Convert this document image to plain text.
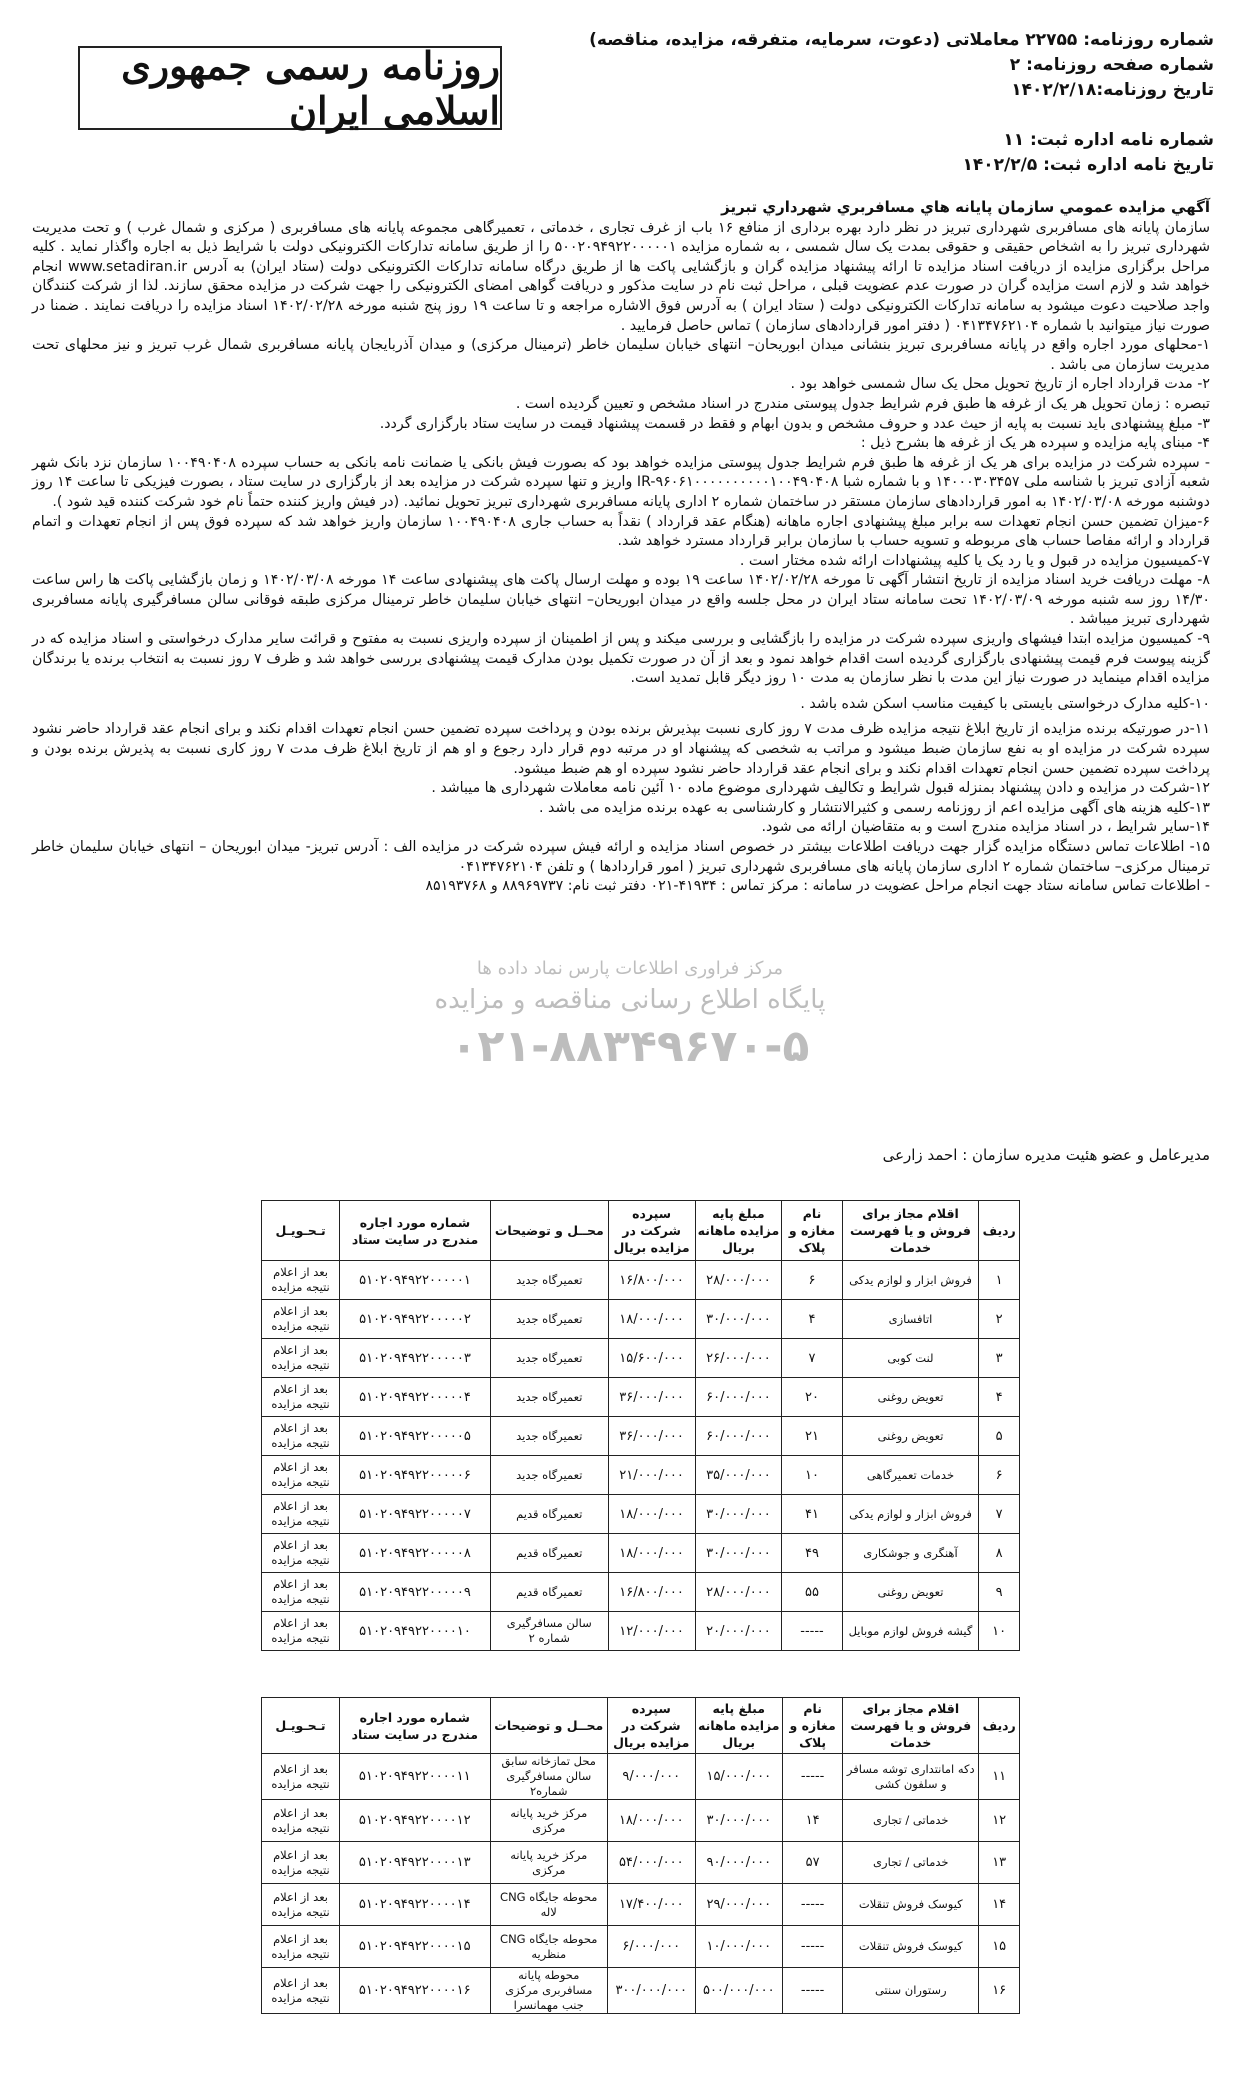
شماره روزنامه: ۲۲۷۵۵ معاملاتی (دعوت، سرمایه، متفرقه، مزایده، مناقصه)
شماره صفحه روزنامه: ۲
تاریخ روزنامه:۱۴۰۲/۲/۱۸
شماره نامه اداره ثبت: ۱۱
تاریخ نامه اداره ثبت: ۱۴۰۲/۲/۵
روزنامه رسمی جمهوری اسلامی ایران
مرکز فراوری اطلاعات پارس نماد داده ها
پایگاه اطلاع رسانی مناقصه و مزایده
۰۲۱-۸۸۳۴۹۶۷۰-۵
آگهي مزايده عمومي سازمان پايانه هاي مسافربري شهرداري تبريز

سازمان پایانه های مسافربری شهرداری تبریز در نظر دارد بهره برداری از منافع ۱۶ باب از غرف تجاری ، خدماتی ، تعمیرگاهی مجموعه پایانه های مسافربری ( مرکزی و شمال غرب ) و تحت مدیریت شهرداری تبریز را به اشخاص حقیقی و حقوقی بمدت یک سال شمسی ، به شماره مزایده ۵۰۰۲۰۹۴۹۲۲۰۰۰۰۰۱ را از طریق سامانه تدارکات الکترونیکی دولت با شرایط ذیل به اجاره واگذار نماید . کلیه مراحل برگزاری مزایده از دریافت اسناد مزایده تا ارائه پیشنهاد مزایده گران و بازگشایی پاکت ها از طریق درگاه سامانه تدارکات الکترونیکی دولت (ستاد ایران) به آدرس www.setadiran.ir انجام خواهد شد و لازم است مزایده گران در صورت عدم عضویت قبلی ، مراحل ثبت نام در سایت مذکور و دریافت گواهی امضای الکترونیکی را جهت شرکت در مزایده محقق سازند. لذا از شرکت کنندگان واجد صلاحیت دعوت میشود به سامانه تدارکات الکترونیکی دولت ( ستاد ایران ) به آدرس فوق الاشاره مراجعه و تا ساعت ۱۹ روز پنج شنبه مورخه ۱۴۰۲/۰۲/۲۸ اسناد مزایده را دریافت نمایند . ضمنا در صورت نیاز میتوانید با شماره ۰۴۱۳۴۷۶۲۱۰۴ ( دفتر امور قراردادهای سازمان ) تماس حاصل فرمایید .

۱-محلهای مورد اجاره واقع در پایانه مسافربری تبریز بنشانی میدان ابوریحان– انتهای خیابان سلیمان خاطر (ترمینال مرکزی) و میدان آذربایجان پایانه مسافربری شمال غرب تبریز و نیز محلهای تحت مدیریت سازمان می باشد .

۲- مدت قرارداد اجاره از تاریخ تحویل محل یک سال شمسی خواهد بود .

تبصره : زمان تحویل هر یک از غرفه ها طبق فرم شرایط جدول پیوستی مندرج در اسناد مشخص و تعیین گردیده است .

۳- مبلغ پیشنهادی باید نسبت به پایه از حیث عدد و حروف مشخص و بدون ابهام و فقط در قسمت پیشنهاد قیمت در سایت ستاد بارگزاری گردد.

۴- مبنای پایه مزایده و سپرده هر یک از غرفه ها بشرح ذیل :

- سپرده شرکت در مزایده برای هر یک از غرفه ها طبق فرم شرایط جدول پیوستی مزایده خواهد بود که بصورت فیش بانکی یا ضمانت نامه بانکی به حساب سپرده ۱۰۰۴۹۰۴۰۸ سازمان نزد بانک شهر شعبه آزادی تبریز با شناسه ملی ۱۴۰۰۰۳۰۳۴۵۷ و با شماره شبا IR-۹۶۰۶۱۰۰۰۰۰۰۰۰۰۰۱۰۰۴۹۰۴۰۸ واریز و تنها سپرده شرکت در مزایده بعد از بارگزاری در سایت ستاد ، بصورت فیزیکی تا ساعت ۱۴ روز دوشنبه مورخه ۱۴۰۲/۰۳/۰۸ به امور قراردادهای سازمان مستقر در ساختمان شماره ۲ اداری پایانه مسافربری شهرداری تبریز تحویل نمائید. (در فیش واریز کننده حتماً نام خود شرکت کننده قید شود ).

۶-میزان تضمین حسن انجام تعهدات سه برابر مبلغ پیشنهادی اجاره ماهانه (هنگام عقد قرارداد ) نقداً به حساب جاری ۱۰۰۴۹۰۴۰۸ سازمان واریز خواهد شد که سپرده فوق پس از انجام تعهدات و اتمام قرارداد و ارائه مفاصا حساب های مربوطه و تسویه حساب با سازمان برابر قرارداد مسترد خواهد شد.

۷-کمیسیون مزایده در قبول و یا رد یک یا کلیه پیشنهادات ارائه شده مختار است .

۸- مهلت دریافت خرید اسناد مزایده از تاریخ انتشار آگهی تا مورخه ۱۴۰۲/۰۲/۲۸ ساعت ۱۹ بوده و مهلت ارسال پاکت های پیشنهادی ساعت ۱۴ مورخه ۱۴۰۲/۰۳/۰۸ و زمان بازگشایی پاکت ها راس ساعت ۱۴/۳۰ روز سه شنبه مورخه ۱۴۰۲/۰۳/۰۹ تحت سامانه ستاد ایران در محل جلسه واقع در میدان ابوریحان– انتهای خیابان سلیمان خاطر ترمینال مرکزی طبقه فوقانی سالن مسافرگیری پایانه مسافربری شهرداری تبریز میباشد .

۹- کمیسیون مزایده ابتدا فیشهای واریزی سپرده شرکت در مزایده را بازگشایی و بررسی میکند و پس از اطمینان از سپرده واریزی نسبت به مفتوح و قرائت سایر مدارک درخواستی و اسناد مزایده که در گزینه پیوست فرم قیمت پیشنهادی بارگزاری گردیده است اقدام خواهد نمود و بعد از آن در صورت تکمیل بودن مدارک قیمت پیشنهادی بررسی خواهد شد و ظرف ۷ روز نسبت به انتخاب برنده یا برندگان مزایده اقدام مینماید در صورت نیاز این مدت با نظر سازمان به مدت ۱۰ روز دیگر قابل تمدید است.

۱۰-کلیه مدارک درخواستی بایستی با کیفیت مناسب اسکن شده باشد .

۱۱-در صورتیکه برنده مزایده از تاریخ ابلاغ نتیجه مزایده ظرف مدت ۷ روز کاری نسبت بپذیرش برنده بودن و پرداخت سپرده تضمین حسن انجام تعهدات اقدام نکند و برای انجام عقد قرارداد حاضر نشود سپرده شرکت در مزایده او به نفع سازمان ضبط میشود و مراتب به شخصی که پیشنهاد او در مرتبه دوم قرار دارد رجوع و او هم از تاریخ ابلاغ ظرف مدت ۷ روز کاری نسبت به پذیرش برنده بودن و پرداخت سپرده تضمین حسن انجام تعهدات اقدام نکند و برای انجام عقد قرارداد حاضر نشود سپرده او هم ضبط میشود.

۱۲-شرکت در مزایده و دادن پیشنهاد بمنزله قبول شرایط و تکالیف شهرداری موضوع ماده ۱۰ آئین نامه معاملات شهرداری ها میباشد .

۱۳-کلیه هزینه های آگهی مزایده اعم از روزنامه رسمی و کثیرالانتشار و کارشناسی به عهده برنده مزایده می باشد .

۱۴-سایر شرایط ، در اسناد مزایده مندرج است و به متقاضیان ارائه می شود.

۱۵- اطلاعات تماس دستگاه مزایده گزار جهت دریافت اطلاعات بیشتر در خصوص اسناد مزایده و ارائه فیش سپرده شرکت در مزایده الف : آدرس تبریز- میدان ابوریحان – انتهای خیابان سلیمان خاطر ترمینال مرکزی– ساختمان شماره ۲ اداری سازمان پایانه های مسافربری شهرداری تبریز ( امور قراردادها ) و تلفن ۰۴۱۳۴۷۶۲۱۰۴

- اطلاعات تماس سامانه ستاد جهت انجام مراحل عضویت در سامانه : مرکز تماس : ۴۱۹۳۴-۰۲۱ دفتر ثبت نام: ۸۸۹۶۹۷۳۷ و ۸۵۱۹۳۷۶۸

مدیرعامل و عضو هئیت مدیره سازمان : احمد زارعی
ردیف	اقلام مجاز برای فروش و یا فهرست خدمات	نام مغازه و پلاک	مبلغ پایه مزایده ماهانه بریال	سپرده شرکت در مزایده بریال	محــل و توضیحات	شماره مورد اجاره مندرج در سایت ستاد	تـحـویـل
۱	فروش ابزار و لوازم یدکی	۶	۲۸/۰۰۰/۰۰۰	۱۶/۸۰۰/۰۰۰	تعمیرگاه جدید	۵۱۰۲۰۹۴۹۲۲۰۰۰۰۰۱	بعد از اعلام نتیجه مزایده
۲	اتافسازی	۴	۳۰/۰۰۰/۰۰۰	۱۸/۰۰۰/۰۰۰	تعمیرگاه جدید	۵۱۰۲۰۹۴۹۲۲۰۰۰۰۰۲	بعد از اعلام نتیجه مزایده
۳	لنت کوبی	۷	۲۶/۰۰۰/۰۰۰	۱۵/۶۰۰/۰۰۰	تعمیرگاه جدید	۵۱۰۲۰۹۴۹۲۲۰۰۰۰۰۳	بعد از اعلام نتیجه مزایده
۴	تعویض روغنی	۲۰	۶۰/۰۰۰/۰۰۰	۳۶/۰۰۰/۰۰۰	تعمیرگاه جدید	۵۱۰۲۰۹۴۹۲۲۰۰۰۰۰۴	بعد از اعلام نتیجه مزایده
۵	تعویض روغنی	۲۱	۶۰/۰۰۰/۰۰۰	۳۶/۰۰۰/۰۰۰	تعمیرگاه جدید	۵۱۰۲۰۹۴۹۲۲۰۰۰۰۰۵	بعد از اعلام نتیجه مزایده
۶	خدمات تعمیرگاهی	۱۰	۳۵/۰۰۰/۰۰۰	۲۱/۰۰۰/۰۰۰	تعمیرگاه جدید	۵۱۰۲۰۹۴۹۲۲۰۰۰۰۰۶	بعد از اعلام نتیجه مزایده
۷	فروش ابزار و لوازم یدکی	۴۱	۳۰/۰۰۰/۰۰۰	۱۸/۰۰۰/۰۰۰	تعمیرگاه قدیم	۵۱۰۲۰۹۴۹۲۲۰۰۰۰۰۷	بعد از اعلام نتیجه مزایده
۸	آهنگری و جوشکاری	۴۹	۳۰/۰۰۰/۰۰۰	۱۸/۰۰۰/۰۰۰	تعمیرگاه قدیم	۵۱۰۲۰۹۴۹۲۲۰۰۰۰۰۸	بعد از اعلام نتیجه مزایده
۹	تعویض روغنی	۵۵	۲۸/۰۰۰/۰۰۰	۱۶/۸۰۰/۰۰۰	تعمیرگاه قدیم	۵۱۰۲۰۹۴۹۲۲۰۰۰۰۰۹	بعد از اعلام نتیجه مزایده
۱۰	گیشه فروش لوازم موبایل	-----	۲۰/۰۰۰/۰۰۰	۱۲/۰۰۰/۰۰۰	سالن مسافرگیری شماره ۲	۵۱۰۲۰۹۴۹۲۲۰۰۰۰۱۰	بعد از اعلام نتیجه مزایده
ردیف	اقلام مجاز برای فروش و یا فهرست خدمات	نام مغازه و پلاک	مبلغ پایه مزایده ماهانه بریال	سپرده شرکت در مزایده بریال	محــل و توضیحات	شماره مورد اجاره مندرج در سایت ستاد	تـحـویـل
۱۱	دکه امانتداری توشه مسافر و سلفون کشی	-----	۱۵/۰۰۰/۰۰۰	۹/۰۰۰/۰۰۰	محل تمازخانه سابق سالن مسافرگیری شماره۲	۵۱۰۲۰۹۴۹۲۲۰۰۰۰۱۱	بعد از اعلام نتیجه مزایده
۱۲	خدماتی / تجاری	۱۴	۳۰/۰۰۰/۰۰۰	۱۸/۰۰۰/۰۰۰	مرکز خرید پایانه مرکزی	۵۱۰۲۰۹۴۹۲۲۰۰۰۰۱۲	بعد از اعلام نتیجه مزایده
۱۳	خدماتی / تجاری	۵۷	۹۰/۰۰۰/۰۰۰	۵۴/۰۰۰/۰۰۰	مرکز خرید پایانه مرکزی	۵۱۰۲۰۹۴۹۲۲۰۰۰۰۱۳	بعد از اعلام نتیجه مزایده
۱۴	کیوسک فروش تنقلات	-----	۲۹/۰۰۰/۰۰۰	۱۷/۴۰۰/۰۰۰	محوطه جایگاه CNG لاله	۵۱۰۲۰۹۴۹۲۲۰۰۰۰۱۴	بعد از اعلام نتیجه مزایده
۱۵	کیوسک فروش تنقلات	-----	۱۰/۰۰۰/۰۰۰	۶/۰۰۰/۰۰۰	محوطه جایگاه CNG منظریه	۵۱۰۲۰۹۴۹۲۲۰۰۰۰۱۵	بعد از اعلام نتیجه مزایده
۱۶	رستوران سنتی	-----	۵۰۰/۰۰۰/۰۰۰	۳۰۰/۰۰۰/۰۰۰	محوطه پایانه مسافربری مرکزی جنب مهمانسرا	۵۱۰۲۰۹۴۹۲۲۰۰۰۰۱۶	بعد از اعلام نتیجه مزایده
